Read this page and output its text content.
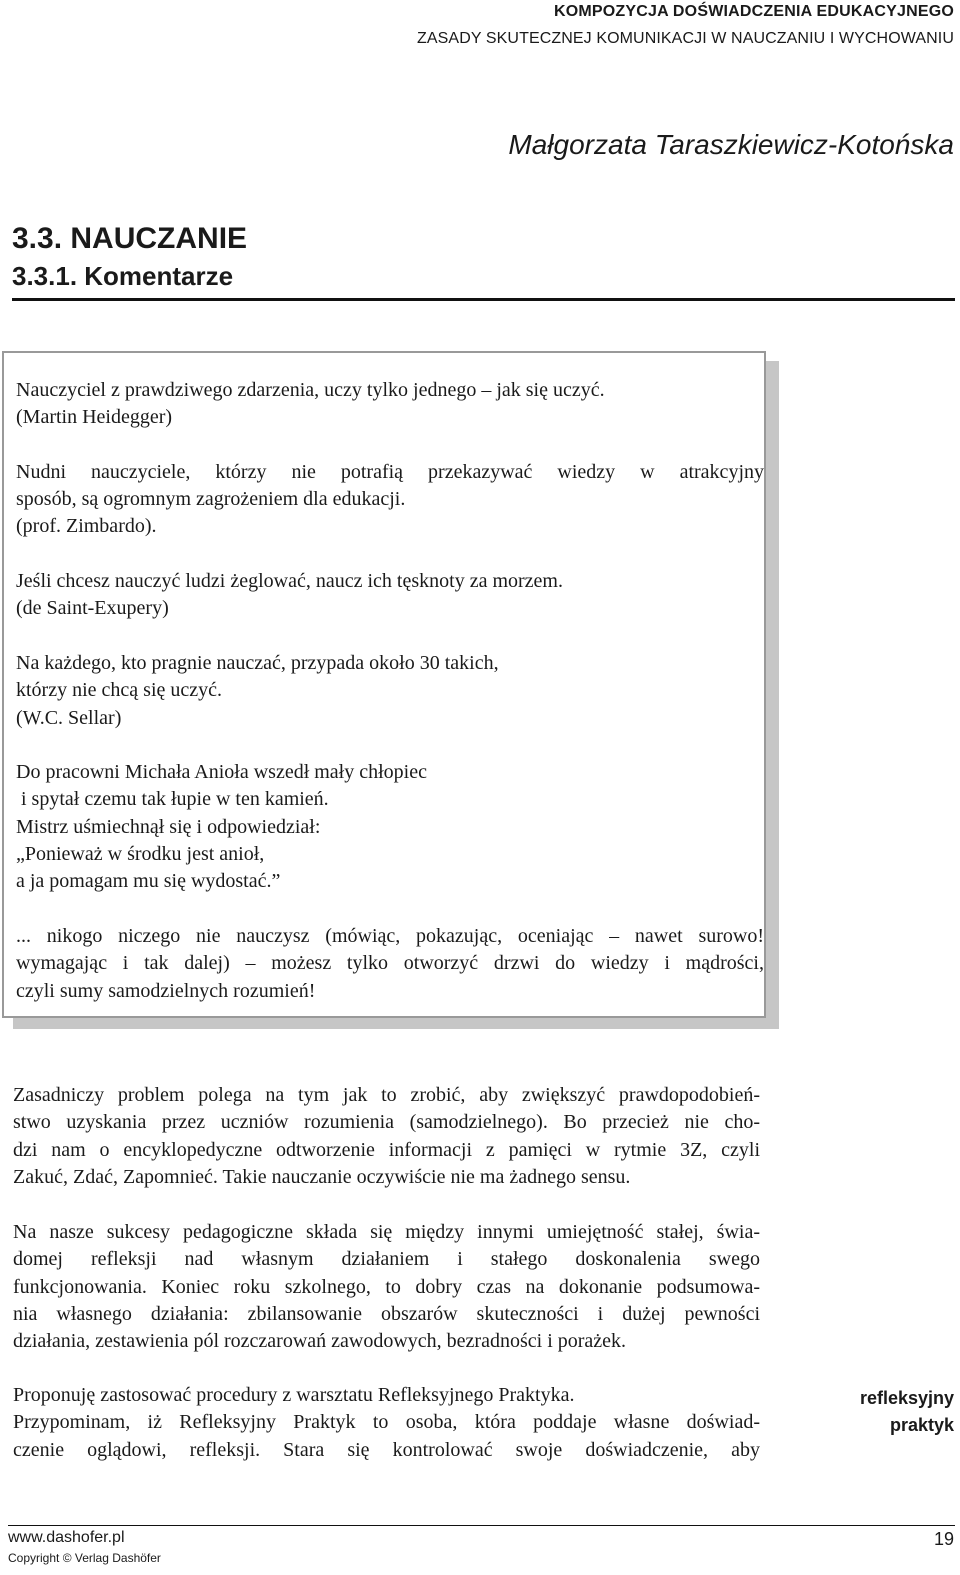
KOMPOZYCJA DOŚWIADCZENIA EDUKACYJNEGO
ZASADY SKUTECZNEJ KOMUNIKACJI W NAUCZANIU I WYCHOWANIU
Małgorzata Taraszkiewicz-Kotońska
3.3. NAUCZANIE
3.3.1. Komentarze
Nauczyciel z prawdziwego zdarzenia, uczy tylko jednego – jak się uczyć.
(Martin Heidegger)
Nudni nauczyciele, którzy nie potrafią przekazywać wiedzy w atrakcyjny
sposób, są ogromnym zagrożeniem dla edukacji.
(prof. Zimbardo).
Jeśli chcesz nauczyć ludzi żeglować, naucz ich tęsknoty za morzem.
(de Saint-Exupery)
Na każdego, kto pragnie nauczać, przypada około 30 takich,
którzy nie chcą się uczyć.
(W.C. Sellar)
Do pracowni Michała Anioła wszedł mały chłopiec
i spytał czemu tak łupie w ten kamień.
Mistrz uśmiechnął się i odpowiedział:
„Ponieważ w środku jest anioł,
a ja pomagam mu się wydostać.”
... nikogo niczego nie nauczysz (mówiąc, pokazując, oceniając – nawet surowo!
wymagając i tak dalej) – możesz tylko otworzyć drzwi do wiedzy i mądrości,
czyli sumy samodzielnych rozumień!
Zasadniczy problem polega na tym jak to zrobić, aby zwiększyć prawdopodobień-
stwo uzyskania przez uczniów rozumienia (samodzielnego). Bo przecież nie cho-
dzi nam o encyklopedyczne odtworzenie informacji z pamięci w rytmie 3Z, czyli
Zakuć, Zdać, Zapomnieć. Takie nauczanie oczywiście nie ma żadnego sensu.
Na nasze sukcesy pedagogiczne składa się między innymi umiejętność stałej, świa-
domej refleksji nad własnym działaniem i stałego doskonalenia swego
funkcjonowania. Koniec roku szkolnego, to dobry czas na dokonanie podsumowa-
nia własnego działania: zbilansowanie obszarów skuteczności i dużej pewności
działania, zestawienia pól rozczarowań zawodowych, bezradności i porażek.
Proponuję zastosować procedury z warsztatu Refleksyjnego Praktyka.
Przypominam, iż Refleksyjny Praktyk to osoba, która poddaje własne doświad-
czenie oglądowi, refleksji. Stara się kontrolować swoje doświadczenie, aby
refleksyjny
praktyk
www.dashofer.pl
Copyright © Verlag Dashöfer
19
